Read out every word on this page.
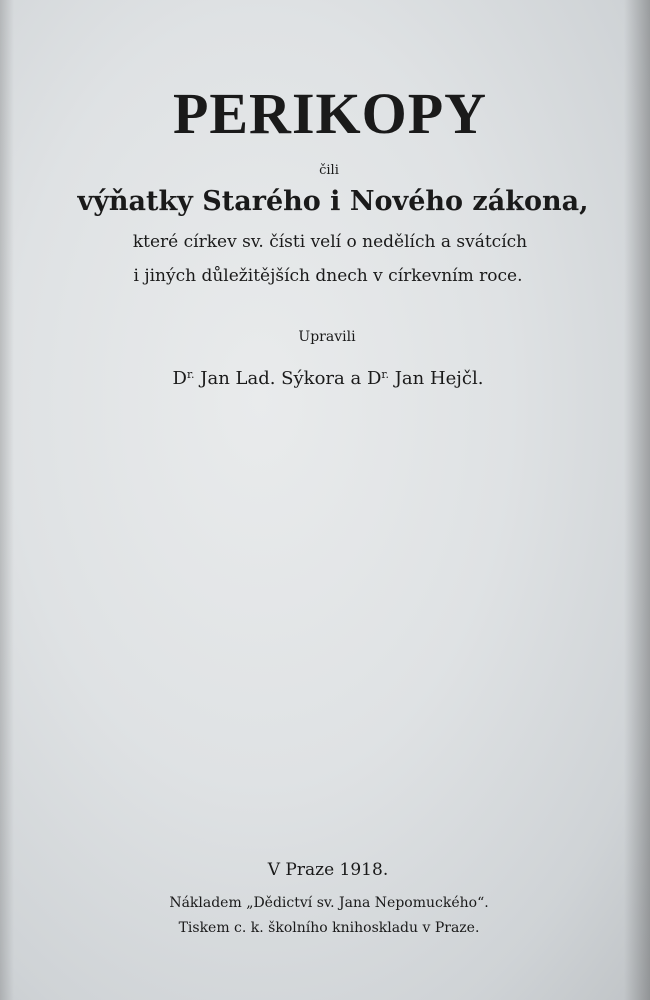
PERIKOPY
čili
výňatky Starého i Nového zákona,
které církev sv. čísti velí o nedělích a svátcích
i jiných důležitějších dnech v církevním roce.
Upravili
$D^{r.}$ Jan Lad. Sýkora a $D^{r.}$ Jan Hejčl.
V Praze 1918.
Nákladem „Dědictví sv. Jana Nepomuckého“.
Tiskem c. k. školního knihoskladu v Praze.
